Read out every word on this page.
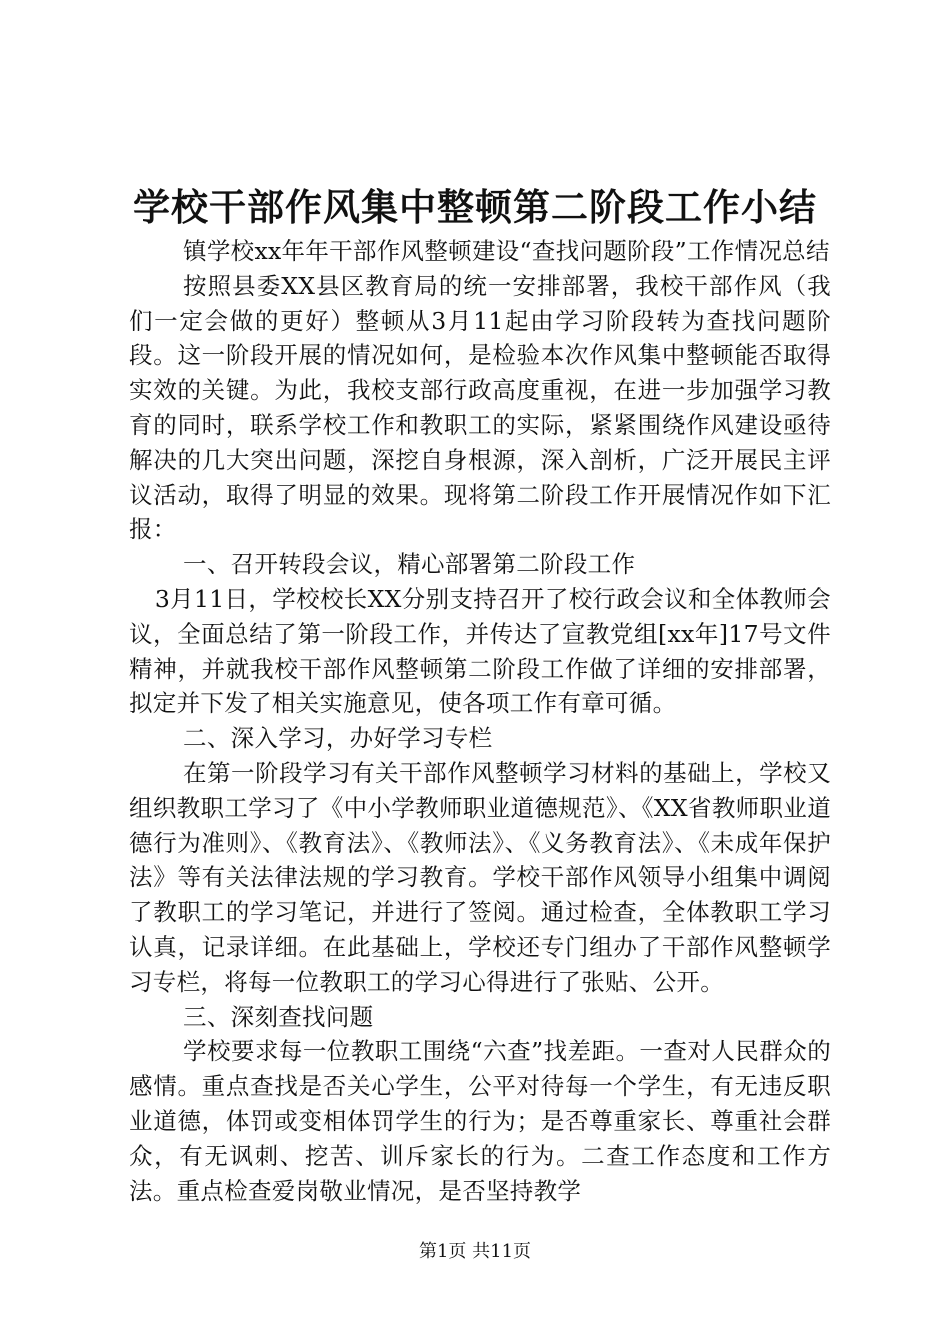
学校干部作风集中整顿第二阶段工作小结

镇学校xx年年干部作风整顿建设“查找问题阶段”工作情况总结

按照县委XX县区教育局的统一安排部署，我校干部作风（我们一定会做的更好）整顿从3月11起由学习阶段转为查找问题阶段。这一阶段开展的情况如何，是检验本次作风集中整顿能否取得实效的关键。为此，我校支部行政高度重视，在进一步加强学习教育的同时，联系学校工作和教职工的实际，紧紧围绕作风建设亟待解决的几大突出问题，深挖自身根源，深入剖析，广泛开展民主评议活动，取得了明显的效果。现将第二阶段工作开展情况作如下汇报：

一、召开转段会议，精心部署第二阶段工作

3月11日，学校校长XX分别支持召开了校行政会议和全体教师会议，全面总结了第一阶段工作，并传达了宣教党组[xx年]17号文件精神，并就我校干部作风整顿第二阶段工作做了详细的安排部署，拟定并下发了相关实施意见，使各项工作有章可循。

二、深入学习，办好学习专栏

在第一阶段学习有关干部作风整顿学习材料的基础上，学校又组织教职工学习了《中小学教师职业道德规范》、《XX省教师职业道德行为准则》、《教育法》、《教师法》、《义务教育法》、《未成年保护法》等有关法律法规的学习教育。学校干部作风领导小组集中调阅了教职工的学习笔记，并进行了签阅。通过检查，全体教职工学习认真，记录详细。在此基础上，学校还专门组办了干部作风整顿学习专栏，将每一位教职工的学习心得进行了张贴、公开。

三、深刻查找问题

学校要求每一位教职工围绕“六查”找差距。一查对人民群众的感情。重点查找是否关心学生，公平对待每一个学生，有无违反职业道德，体罚或变相体罚学生的行为；是否尊重家长、尊重社会群众，有无讽刺、挖苦、训斥家长的行为。二查工作态度和工作方法。重点检查爱岗敬业情况，是否坚持教学

第1页 共11页
